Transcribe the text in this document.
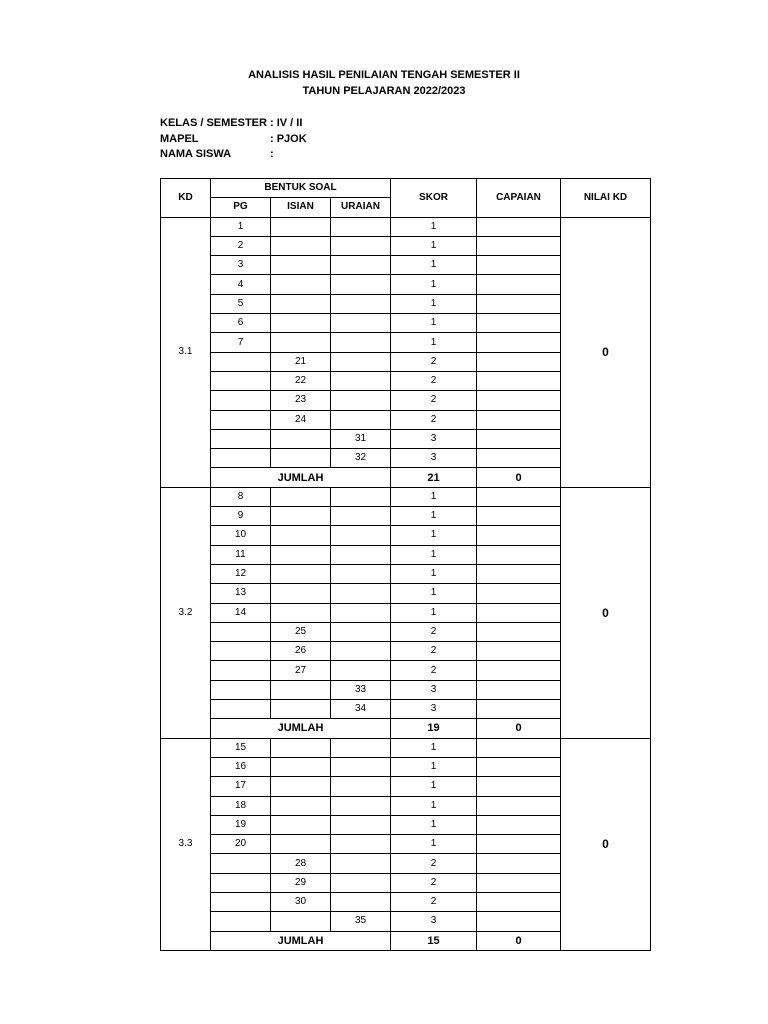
ANALISIS HASIL PENILAIAN TENGAH SEMESTER II
TAHUN PELAJARAN 2022/2023
KELAS / SEMESTER : IV / II
MAPEL	: PJOK
NAMA SISWA	:
KD	BENTUK SOAL			SKOR	CAPAIAN	NILAI KD
	PG	ISIAN	URAIAN			
3.1	1			1		0
	2			1		
	3			1		
	4			1		
	5			1		
	6			1		
	7			1		
		21		2		
		22		2		
		23		2		
		24		2		
			31	3		
			32	3		
	JUMLAH			21	0	
3.2	8			1		0
	9			1		
	10			1		
	11			1		
	12			1		
	13			1		
	14			1		
		25		2		
		26		2		
		27		2		
			33	3		
			34	3		
	JUMLAH			19	0	
3.3	15			1		0
	16			1		
	17			1		
	18			1		
	19			1		
	20			1		
		28		2		
		29		2		
		30		2		
			35	3		
	JUMLAH			15	0	
